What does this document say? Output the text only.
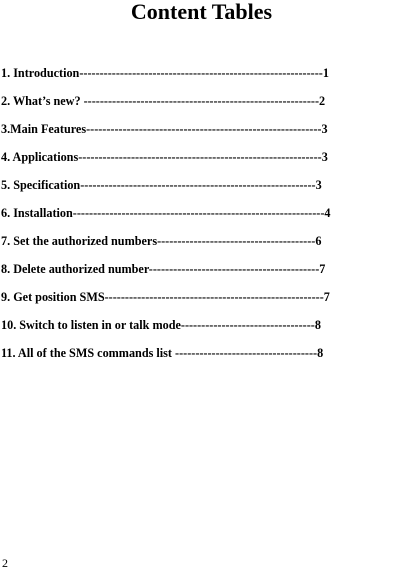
Content Tables
1. Introduction------------------------------------------------------------1
2. What’s new? ----------------------------------------------------------2
3.Main Features----------------------------------------------------------3
4. Applications------------------------------------------------------------3
5. Specification----------------------------------------------------------3
6. Installation--------------------------------------------------------------4
7. Set the authorized numbers---------------------------------------6
8. Delete authorized number------------------------------------------7
9. Get position SMS------------------------------------------------------7
10. Switch to listen in or talk mode---------------------------------8
11. All of the SMS commands list -----------------------------------8
2
